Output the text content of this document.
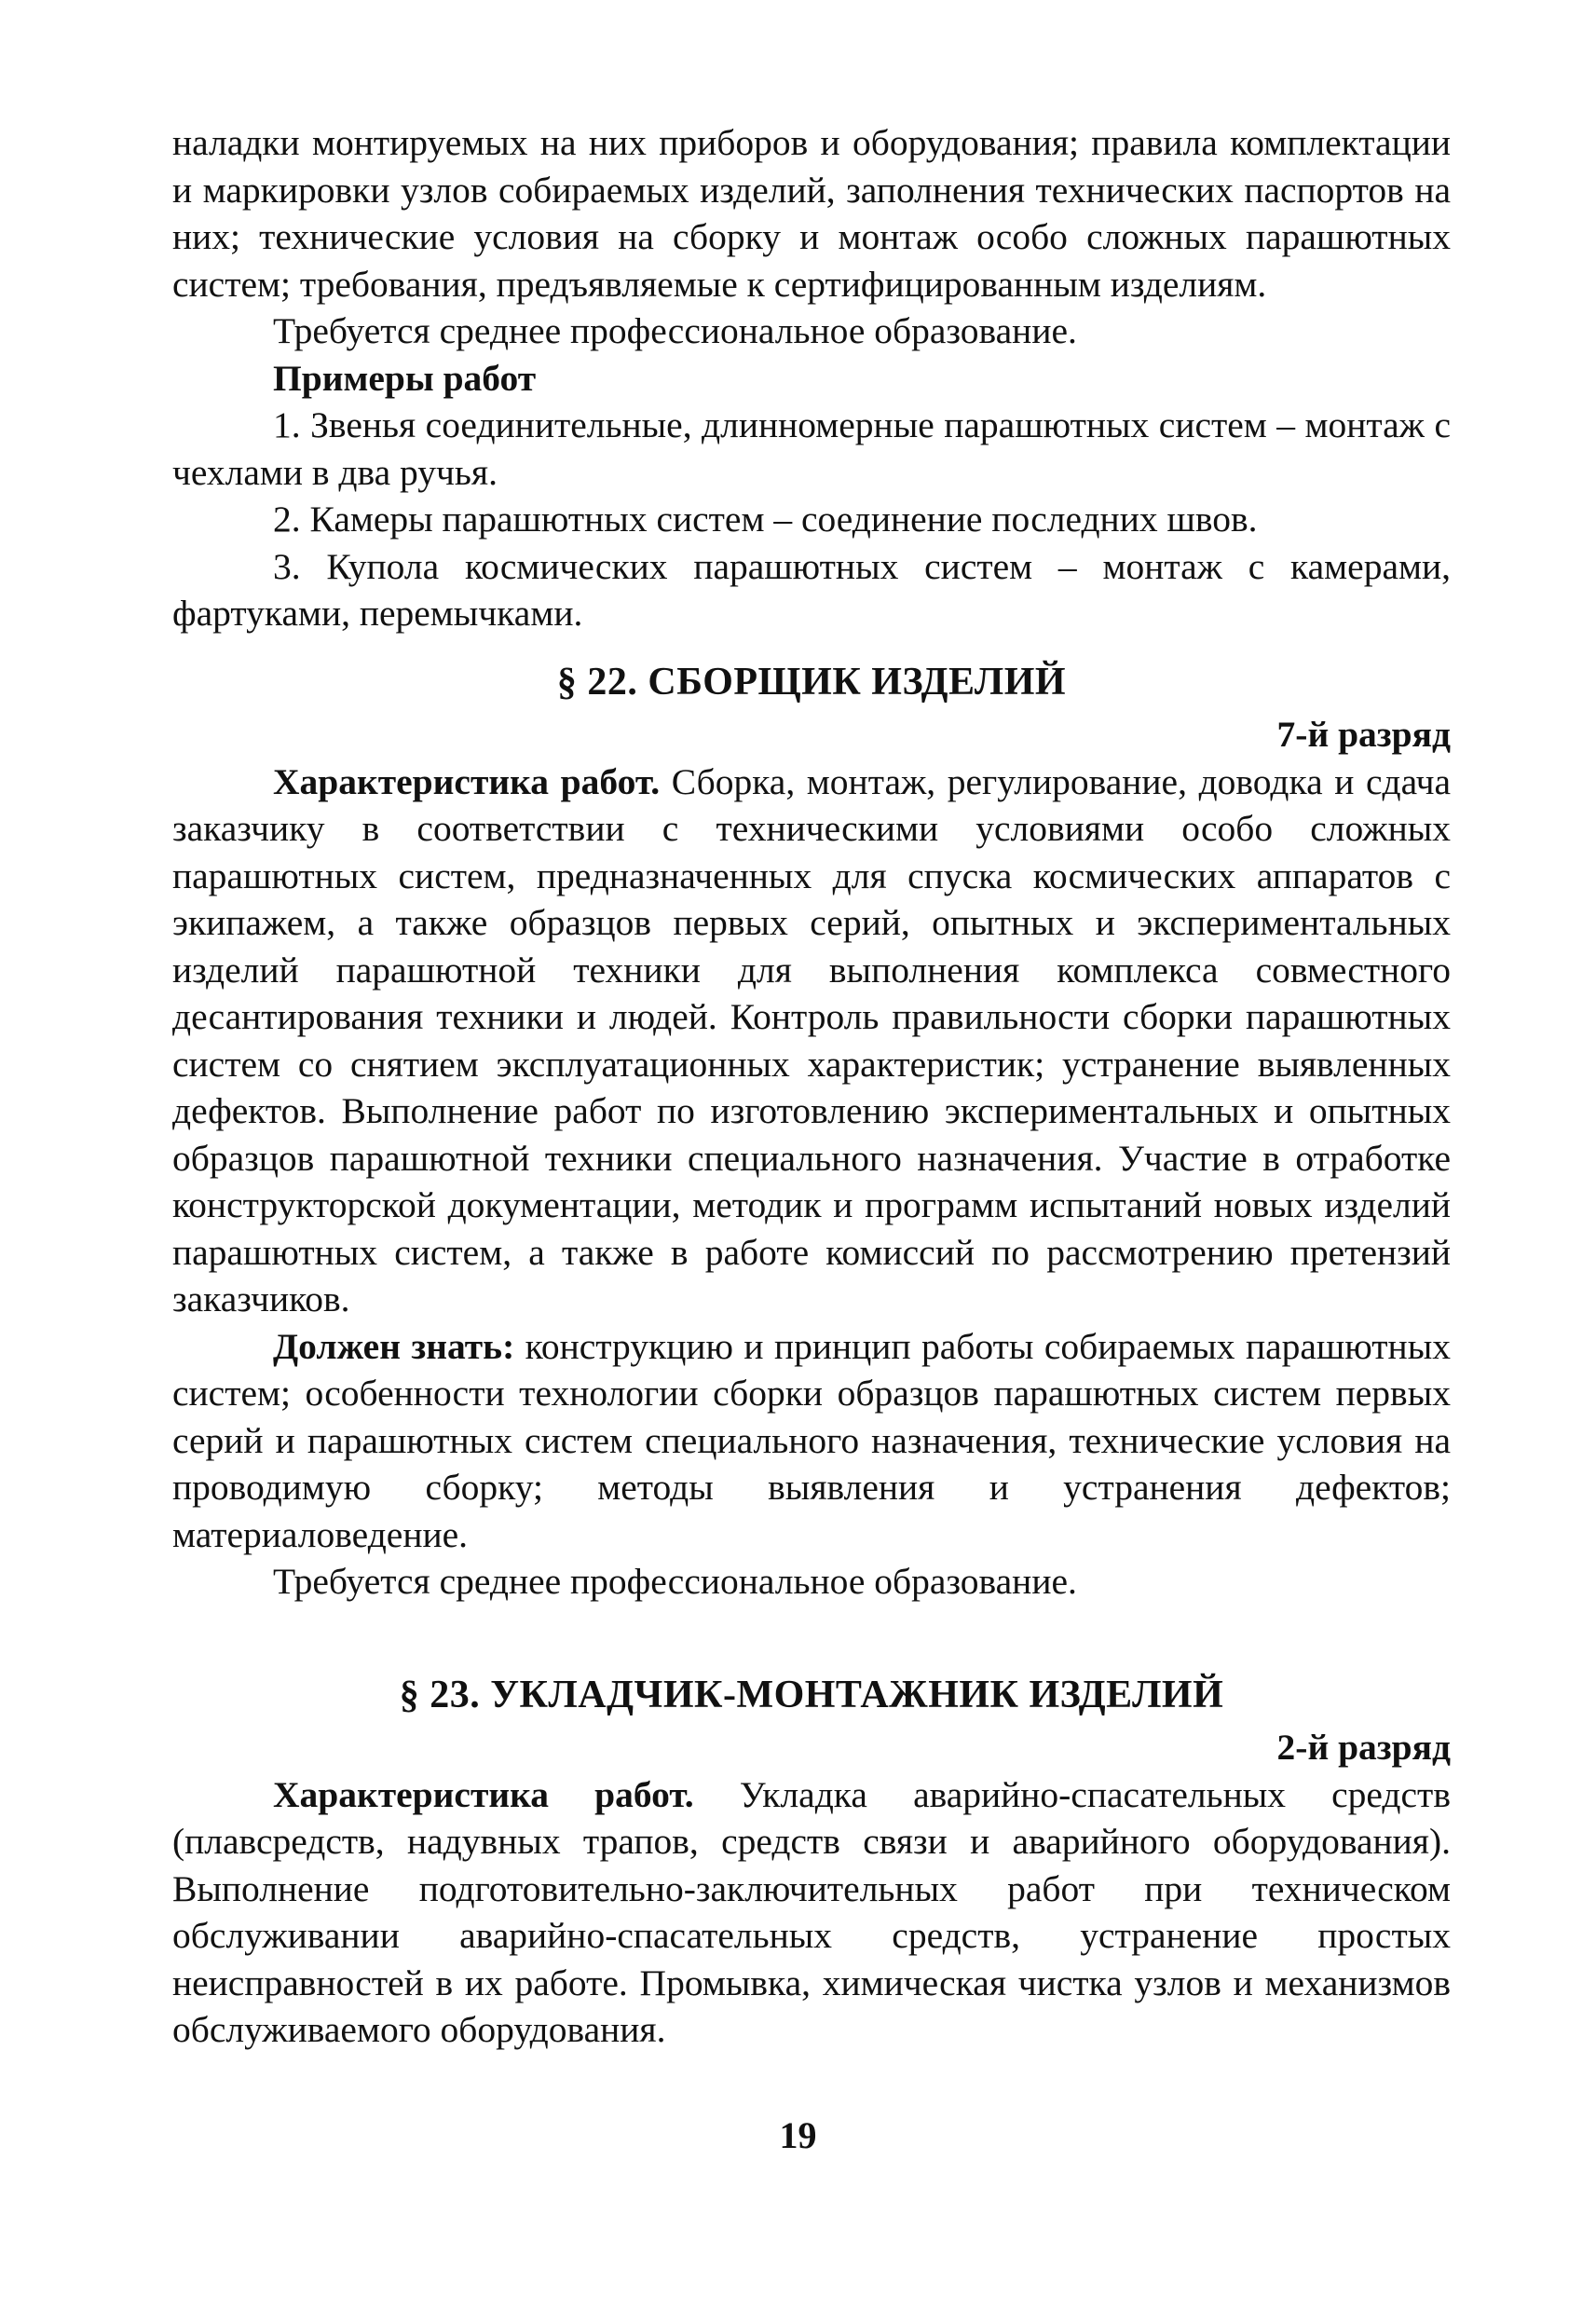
наладки монтируемых на них приборов и оборудования; правила комплектации и маркировки узлов собираемых изделий, заполнения технических паспортов на них; технические условия на сборку и монтаж особо сложных парашютных систем; требования, предъявляемые к сертифицированным изделиям.

Требуется среднее профессиональное образование.

Примеры работ

1. Звенья соединительные, длинномерные парашютных систем – монтаж с чехлами в два ручья.

2. Камеры парашютных систем – соединение последних швов.

3. Купола космических парашютных систем – монтаж с камерами, фартуками, перемычками.

§ 22. СБОРЩИК ИЗДЕЛИЙ
7-й разряд

Характеристика работ. Сборка, монтаж, регулирование, доводка и сдача заказчику в соответствии с техническими условиями особо сложных парашютных систем, предназначенных для спуска космических аппаратов с экипажем, а также образцов первых серий, опытных и экспериментальных изделий парашютной техники для выполнения комплекса совместного десантирования техники и людей. Контроль правильности сборки парашютных систем со снятием эксплуатационных характеристик; устранение выявленных дефектов. Выполнение работ по изготовлению экспериментальных и опытных образцов парашютной техники специального назначения. Участие в отработке конструкторской документации, методик и программ испытаний новых изделий парашютных систем, а также в работе комиссий по рассмотрению претензий заказчиков.

Должен знать: конструкцию и принцип работы собираемых парашютных систем; особенности технологии сборки образцов парашютных систем первых серий и парашютных систем специального назначения, технические условия на проводимую сборку; методы выявления и устранения дефектов; материаловедение.

Требуется среднее профессиональное образование.

§ 23. УКЛАДЧИК-МОНТАЖНИК ИЗДЕЛИЙ
2-й разряд

Характеристика работ. Укладка аварийно-спасательных средств (плавсредств, надувных трапов, средств связи и аварийного оборудования). Выполнение подготовительно-заключительных работ при техническом обслуживании аварийно-спасательных средств, устранение простых неисправностей в их работе. Промывка, химическая чистка узлов и механизмов обслуживаемого оборудования.

19
